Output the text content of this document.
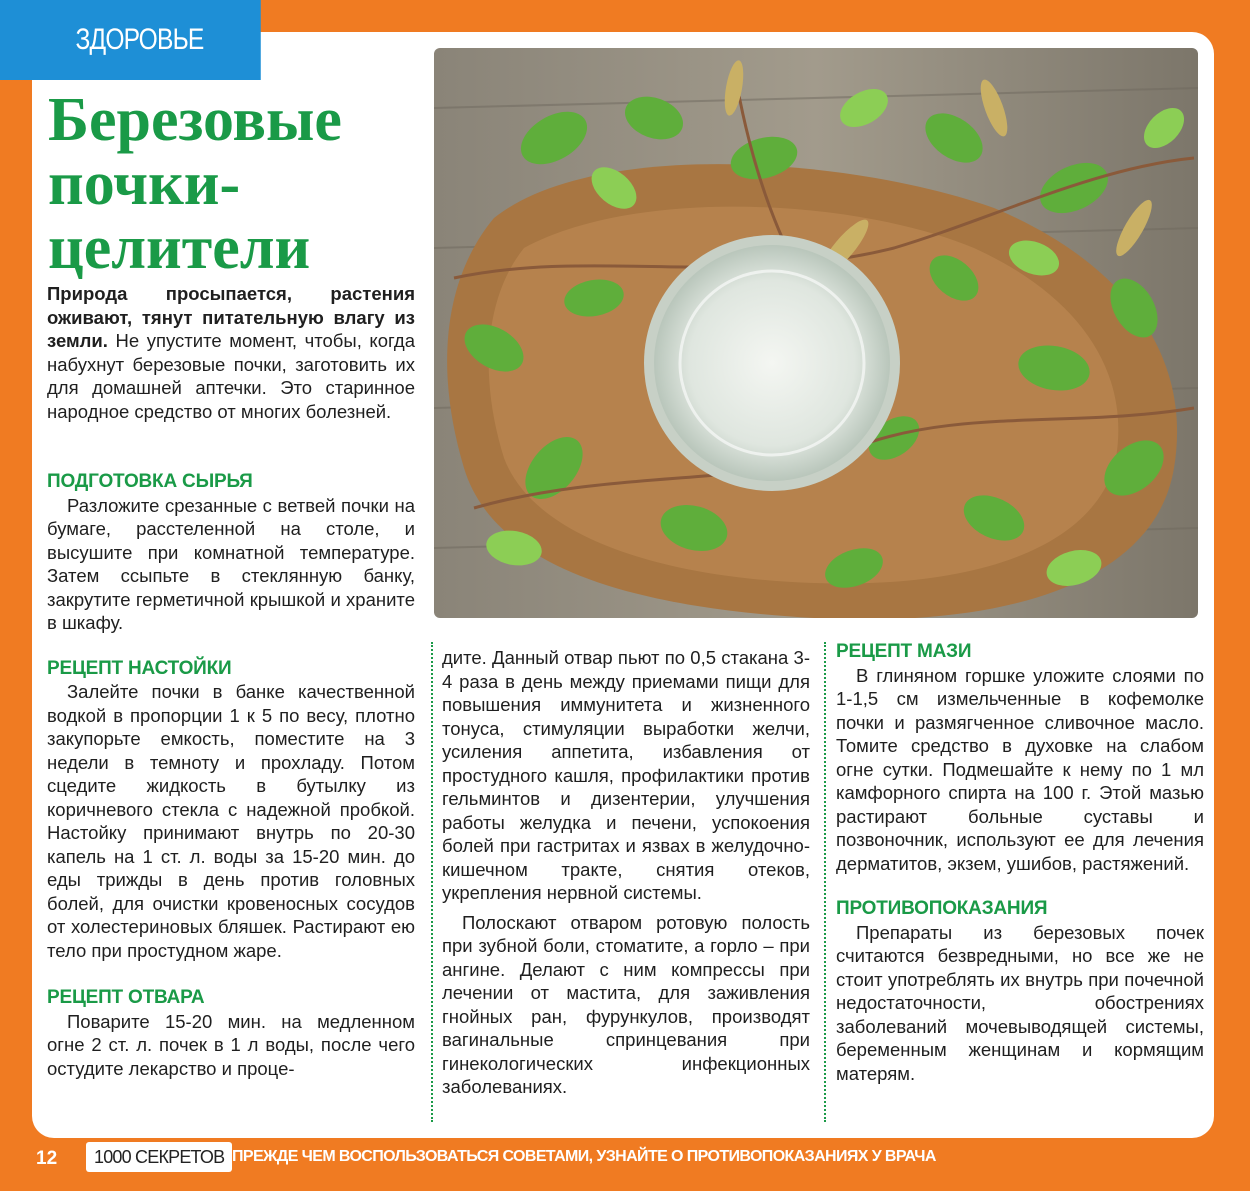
ЗДОРОВЬЕ
Березовые
почки-
целители

Природа просыпается, растения оживают, тянут питательную влагу из земли. Не упустите момент, чтобы, когда набухнут березовые почки, заготовить их для домашней аптечки. Это старинное народное средство от многих болезней.

ПОДГОТОВКА СЫРЬЯ

Разложите срезанные с ветвей почки на бумаге, расстеленной на столе, и высушите при комнатной температуре. Затем ссыпьте в стеклянную банку, закрутите герметичной крышкой и храните в шкафу.

РЕЦЕПТ НАСТОЙКИ

Залейте почки в банке качественной водкой в пропорции 1 к 5 по весу, плотно закупорьте емкость, поместите на 3 недели в темноту и прохладу. Потом сцедите жидкость в бутылку из коричневого стекла с надежной пробкой. Настойку принимают внутрь по 20-30 капель на 1 ст. л. воды за 15-20 мин. до еды трижды в день против головных болей, для очистки кровеносных сосудов от холестериновых бляшек. Растирают ею тело при простудном жаре.

РЕЦЕПТ ОТВАРА

Поварите 15-20 мин. на медленном огне 2 ст. л. почек в 1 л воды, после чего остудите лекарство и проце-

дите. Данный отвар пьют по 0,5 стакана 3-4 раза в день между приемами пищи для повышения иммунитета и жизненного тонуса, стимуляции выработки желчи, усиления аппетита, избавления от простудного кашля, профилактики против гельминтов и дизентерии, улучшения работы желудка и печени, успокоения болей при гастритах и язвах в желудочно-кишечном тракте, снятия отеков, укрепления нервной системы.

Полоскают отваром ротовую полость при зубной боли, стоматите, а горло – при ангине. Делают с ним компрессы при лечении от мастита, для заживления гнойных ран, фурункулов, производят вагинальные спринцевания при гинекологических инфекционных заболеваниях.

РЕЦЕПТ МАЗИ

В глиняном горшке уложите слоями по 1-1,5 см измельченные в кофемолке почки и размягченное сливочное масло. Томите средство в духовке на слабом огне сутки. Подмешайте к нему по 1 мл камфорного спирта на 100 г. Этой мазью растирают больные суставы и позвоночник, используют ее для лечения дерматитов, экзем, ушибов, растяжений.

ПРОТИВОПОКАЗАНИЯ

Препараты из березовых почек считаются безвредными, но все же не стоит употреблять их внутрь при почечной недостаточности, обострениях заболеваний мочевыводящей системы, беременным женщинам и кормящим матерям.

12	1000 СЕКРЕТОВ ПРЕЖДЕ ЧЕМ ВОСПОЛЬЗОВАТЬСЯ СОВЕТАМИ, УЗНАЙТЕ О ПРОТИВОПОКАЗАНИЯХ У ВРАЧА
